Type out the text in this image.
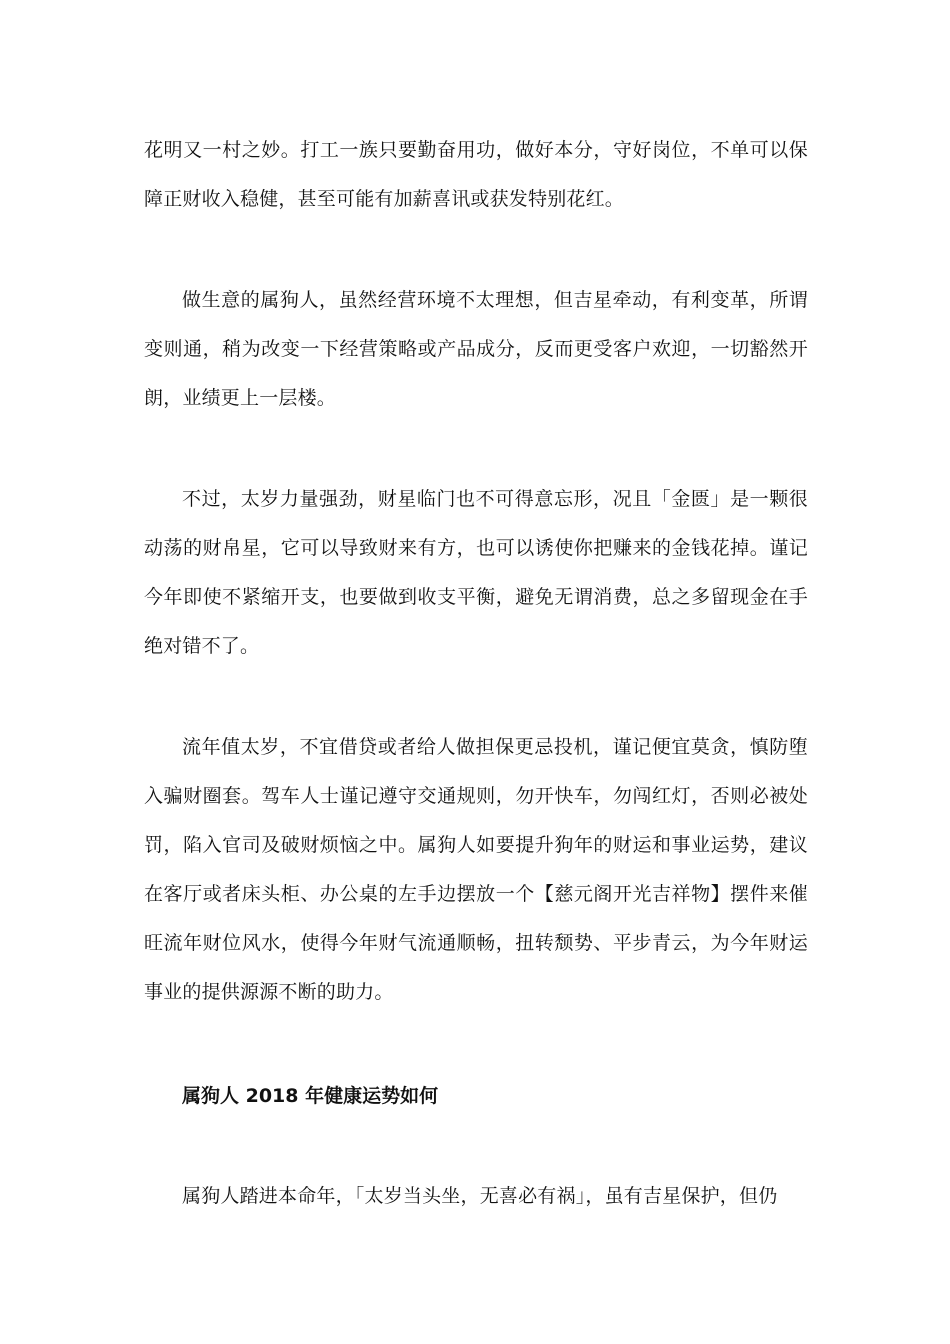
花明又一村之妙。打工一族只要勤奋用功，做好本分，守好岗位，不单可以保障正财收入稳健，甚至可能有加薪喜讯或获发特别花红。

做生意的属狗人，虽然经营环境不太理想，但吉星牵动，有利变革，所谓变则通，稍为改变一下经营策略或产品成分，反而更受客户欢迎，一切豁然开朗，业绩更上一层楼。

不过，太岁力量强劲，财星临门也不可得意忘形，况且「金匮」是一颗很动荡的财帛星，它可以导致财来有方，也可以诱使你把赚来的金钱花掉。谨记今年即使不紧缩开支，也要做到收支平衡，避免无谓消费，总之多留现金在手绝对错不了。

流年值太岁，不宜借贷或者给人做担保更忌投机，谨记便宜莫贪，慎防堕入骗财圈套。驾车人士谨记遵守交通规则，勿开快车，勿闯红灯，否则必被处罚，陷入官司及破财烦恼之中。属狗人如要提升狗年的财运和事业运势，建议在客厅或者床头柜、办公桌的左手边摆放一个【慈元阁开光吉祥物】摆件来催旺流年财位风水，使得今年财气流通顺畅，扭转颓势、平步青云，为今年财运事业的提供源源不断的助力。

属狗人 2018 年健康运势如何

属狗人踏进本命年，「太岁当头坐，无喜必有祸」，虽有吉星保护，但仍
